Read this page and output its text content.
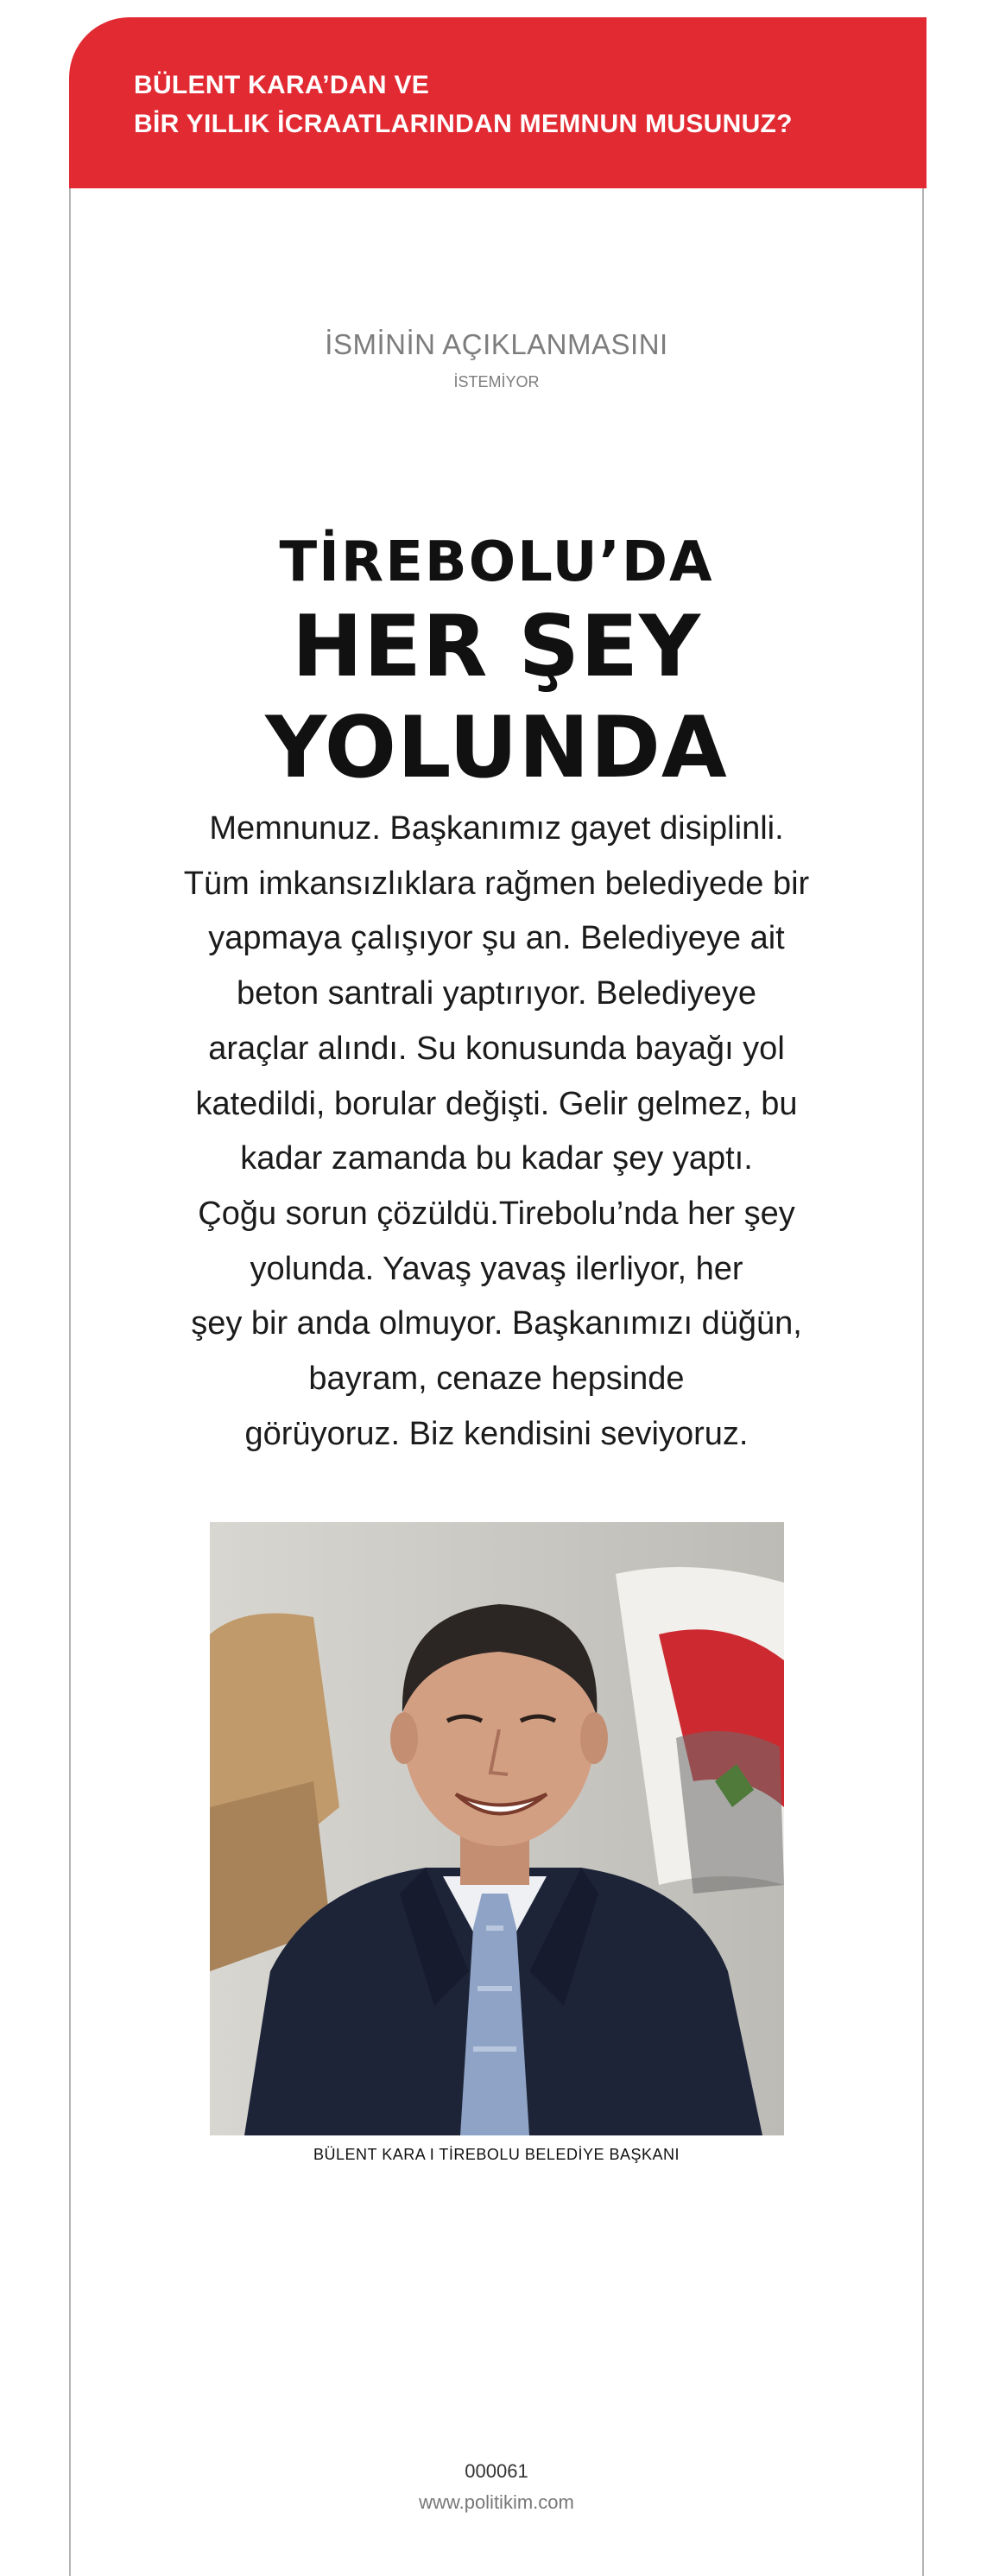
BÜLENT KARA’DAN VE
BİR YILLIK İCRAATLARINDAN MEMNUN MUSUNUZ?
İSMİNİN AÇIKLANMASINI
İSTEMİYOR
TİREBOLU’DA
HER ŞEY
YOLUNDA
Memnunuz. Başkanımız gayet disiplinli.
Tüm imkansızlıklara rağmen belediyede bir
yapmaya çalışıyor şu an. Belediyeye ait
beton santrali yaptırıyor. Belediyeye
araçlar alındı. Su konusunda bayağı yol
katedildi, borular değişti. Gelir gelmez, bu
kadar zamanda bu kadar şey yaptı.
Çoğu sorun çözüldü.Tirebolu’nda her şey
yolunda. Yavaş yavaş ilerliyor, her
şey bir anda olmuyor. Başkanımızı düğün,
bayram, cenaze hepsinde
görüyoruz. Biz kendisini seviyoruz.
BÜLENT KARA I TİREBOLU BELEDİYE BAŞKANI
000061
www.politikim.com
